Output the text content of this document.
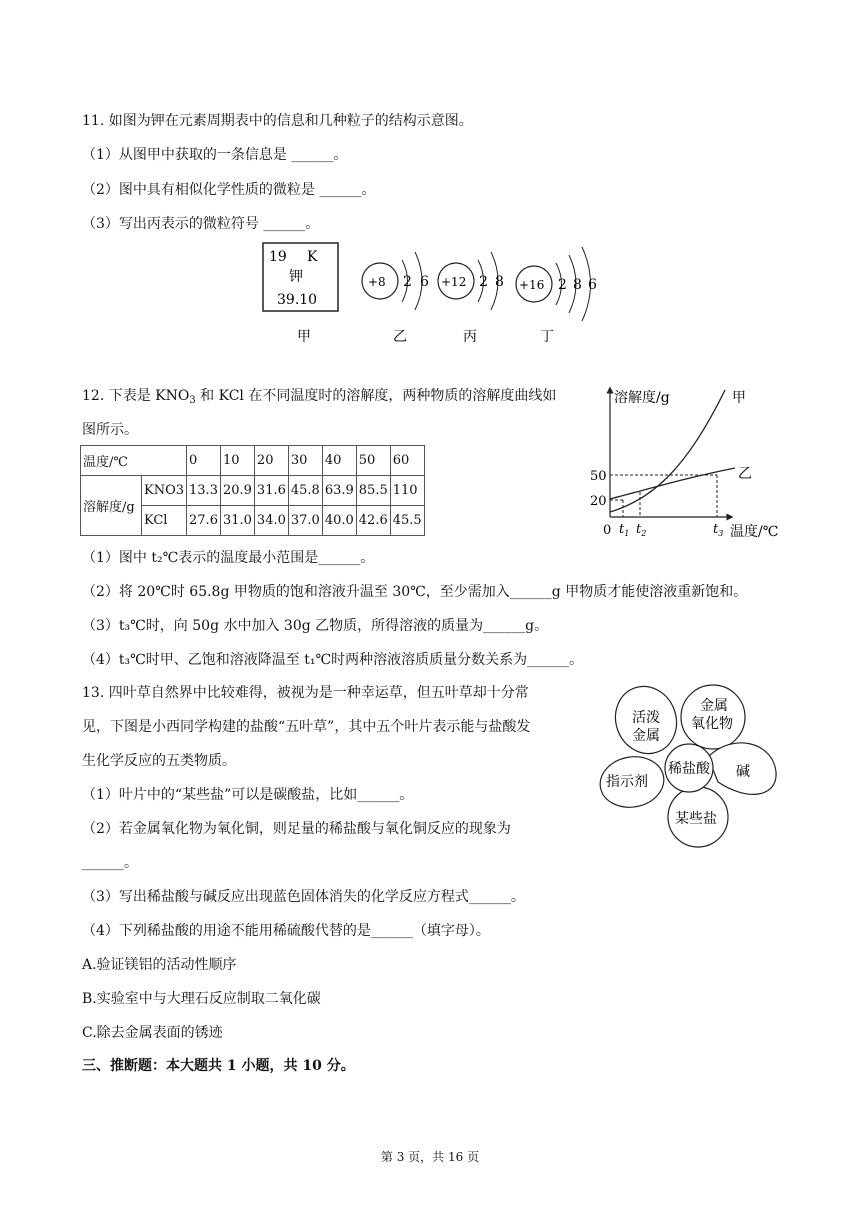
11. 如图为钾在元素周期表中的信息和几种粒子的结构示意图。
（1）从图甲中获取的一条信息是 ______。
（2）图中具有相似化学性质的微粒是 ______。
（3）写出丙表示的微粒符号 ______。
19 K
钾
39.10
+8 2 6 +12 2 8 +16 2 8 6
甲	乙	丙	丁
12. 下表是 $KNO_3$ 和 KCl 在不同温度时的溶解度，两种物质的溶解度曲线如
图所示。
温度/℃		0	10	20	30	40	50	60
溶解度/g	KNO3	13.3	20.9	31.6	45.8	63.9	85.5	110
	KCl	27.6	31.0	34.0	37.0	40.0	42.6	45.5
溶解度/g
温度/℃
甲
乙
50
20
0 $t_1$ $t_2$	$t_3$
（1）图中 t₂℃表示的温度最小范围是______。
（2）将 20℃时 65.8g 甲物质的饱和溶液升温至 30℃，至少需加入______g 甲物质才能使溶液重新饱和。
（3）t₃℃时，向 50g 水中加入 30g 乙物质，所得溶液的质量为______g。
（4）t₃℃时甲、乙饱和溶液降温至 t₁℃时两种溶液溶质质量分数关系为______。
13. 四叶草自然界中比较难得，被视为是一种幸运草，但五叶草却十分常
见，下图是小西同学构建的盐酸“五叶草”，其中五个叶片表示能与盐酸发
生化学反应的五类物质。
（1）叶片中的“某些盐”可以是碳酸盐，比如______。
（2）若金属氧化物为氧化铜，则足量的稀盐酸与氧化铜反应的现象为
______。
（3）写出稀盐酸与碱反应出现蓝色固体消失的化学反应方程式______。
（4）下列稀盐酸的用途不能用稀硫酸代替的是______（填字母）。
A.验证镁铝的活动性顺序
B.实验室中与大理石反应制取二氧化碳
C.除去金属表面的锈迹
稀盐酸
活泼
金属
金属
氧化物
碱
某些盐
指示剂
三、推断题：本大题共 1 小题，共 10 分。
第 3 页，共 16 页
